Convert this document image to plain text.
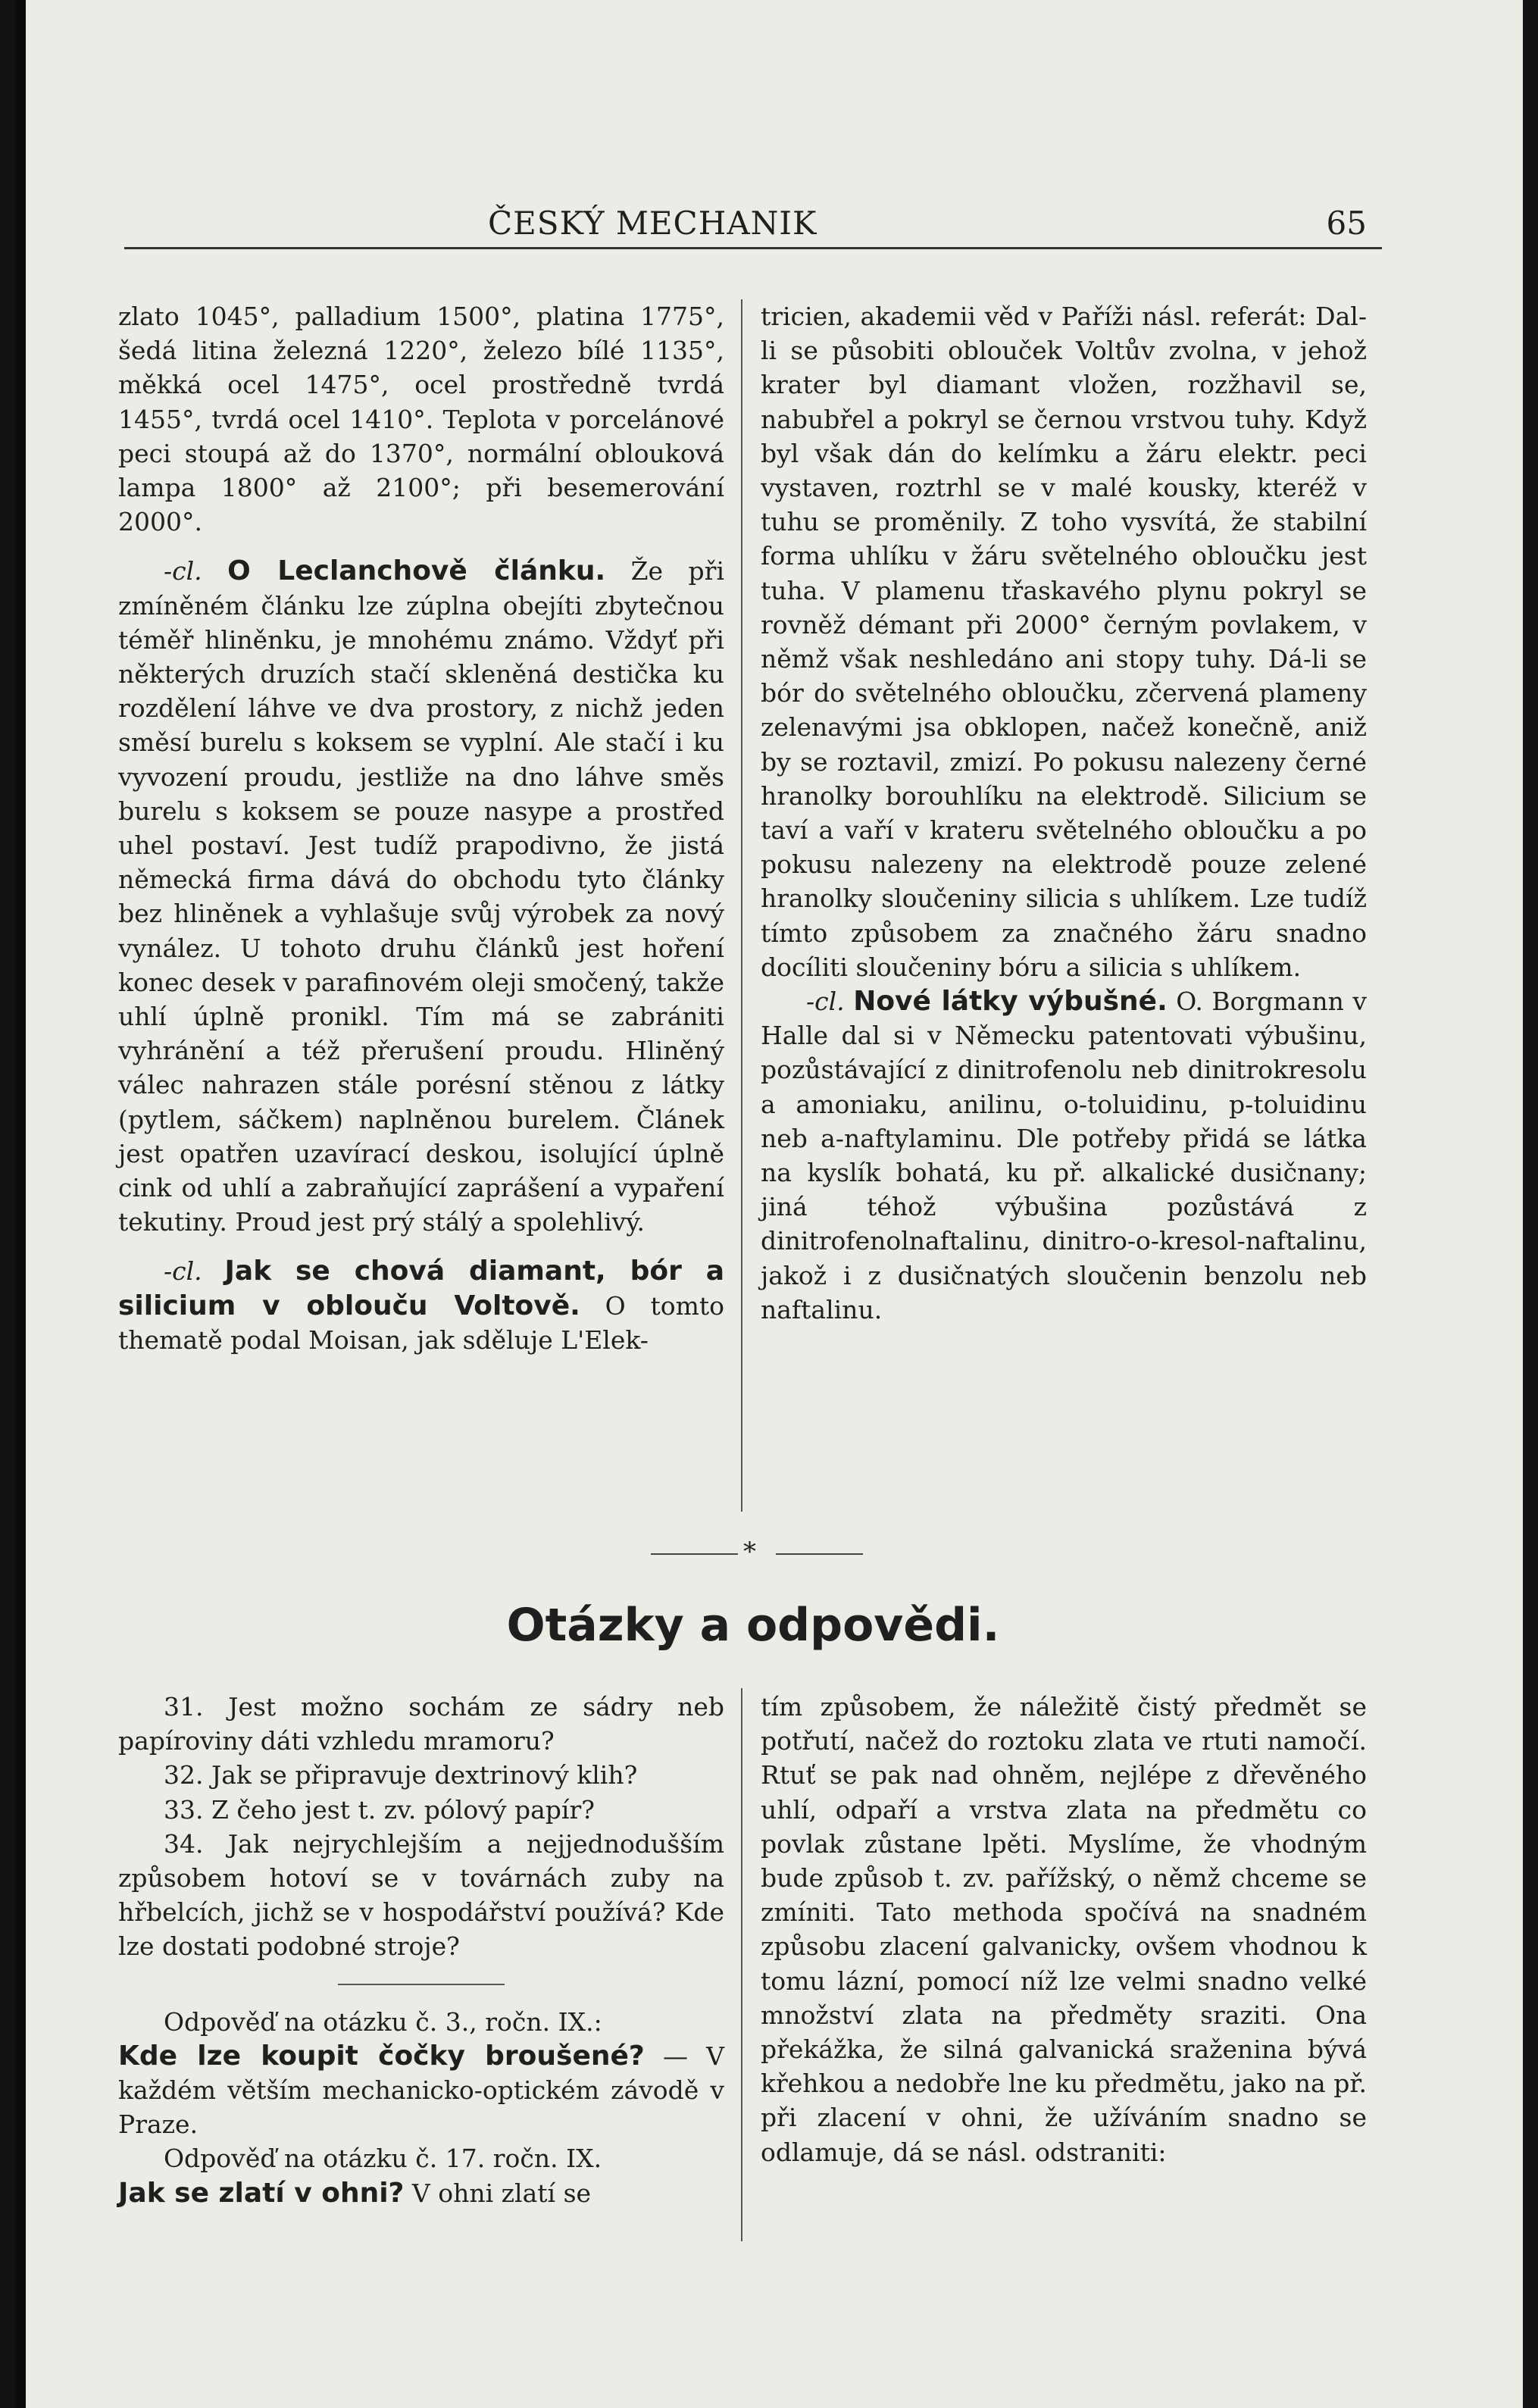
ČESKÝ MECHANIK	65

zlato 1045°, palladium 1500°, platina 1775°, šedá litina železná 1220°, železo bílé 1135°, měkká ocel 1475°, ocel prostředně tvrdá 1455°, tvrdá ocel 1410°. Teplota v porcelánové peci stoupá až do 1370°, normální oblouková lampa 1800° až 2100°; při besemerování 2000°.

-cl. O Leclanchově článku. Že při zmíněném článku lze zúplna obejíti zbytečnou téměř hliněnku, je mnohému známo. Vždyť při některých druzích stačí skleněná destička ku rozdělení láhve ve dva prostory, z nichž jeden směsí burelu s koksem se vyplní. Ale stačí i ku vyvození proudu, jestliže na dno láhve směs burelu s koksem se pouze nasype a prostřed uhel postaví. Jest tudíž prapodivno, že jistá německá firma dává do obchodu tyto články bez hliněnek a vyhlašuje svůj výrobek za nový vynález. U tohoto druhu článků jest hoření konec desek v parafinovém oleji smočený, takže uhlí úplně pronikl. Tím má se zabrániti vyhránění a též přerušení proudu. Hliněný válec nahrazen stále porésní stěnou z látky (pytlem, sáčkem) naplněnou burelem. Článek jest opatřen uzavírací deskou, isolující úplně cink od uhlí a zabraňující zaprášení a vypaření tekutiny. Proud jest prý stálý a spolehlivý.

-cl. Jak se chová diamant, bór a silicium v oblouču Voltově. O tomto thematě podal Moisan, jak sděluje L'Elek-

tricien, akademii věd v Paříži násl. referát: Dal-li se působiti oblouček Voltův zvolna, v jehož krater byl diamant vložen, rozžhavil se, nabubřel a pokryl se černou vrstvou tuhy. Když byl však dán do kelímku a žáru elektr. peci vystaven, roztrhl se v malé kousky, kteréž v tuhu se proměnily. Z toho vysvítá, že stabilní forma uhlíku v žáru světelného obloučku jest tuha. V plamenu třaskavého plynu pokryl se rovněž démant při 2000° černým povlakem, v němž však neshledáno ani stopy tuhy. Dá-li se bór do světelného obloučku, zčervená plameny zelenavými jsa obklopen, načež konečně, aniž by se roztavil, zmizí. Po pokusu nalezeny černé hranolky borouhlíku na elektrodě. Silicium se taví a vaří v krateru světelného obloučku a po pokusu nalezeny na elektrodě pouze zelené hranolky sloučeniny silicia s uhlíkem. Lze tudíž tímto způsobem za značného žáru snadno docíliti sloučeniny bóru a silicia s uhlíkem.

-cl. Nové látky výbušné. O. Borgmann v Halle dal si v Německu patentovati výbušinu, pozůstávající z dinitrofenolu neb dinitrokresolu a amoniaku, anilinu, o-toluidinu, p-toluidinu neb a-naftylaminu. Dle potřeby přidá se látka na kyslík bohatá, ku př. alkalické dusičnany; jiná téhož výbušina pozůstává z dinitrofenolnaftalinu, dinitro-o-kresol-naftalinu, jakož i z dusičnatých sloučenin benzolu neb naftalinu.

*
Otázky a odpovědi.

31. Jest možno sochám ze sádry neb papíroviny dáti vzhledu mramoru?

32. Jak se připravuje dextrinový klih?

33. Z čeho jest t. zv. pólový papír?

34. Jak nejrychlejším a nejjednodušším způsobem hotoví se v továrnách zuby na hřbelcích, jichž se v hospodářství používá? Kde lze dostati podobné stroje?

Odpověď na otázku č. 3., ročn. IX.:

Kde lze koupit čočky broušené? — V každém větším mechanicko-optickém závodě v Praze.

Odpověď na otázku č. 17. ročn. IX.

Jak se zlatí v ohni? V ohni zlatí se

tím způsobem, že náležitě čistý předmět se potřutí, načež do roztoku zlata ve rtuti namočí. Rtuť se pak nad ohněm, nejlépe z dřevěného uhlí, odpaří a vrstva zlata na předmětu co povlak zůstane lpěti. Myslíme, že vhodným bude způsob t. zv. pařížský, o němž chceme se zmíniti. Tato methoda spočívá na snadném způsobu zlacení galvanicky, ovšem vhodnou k tomu lázní, pomocí níž lze velmi snadno velké množství zlata na předměty sraziti. Ona překážka, že silná galvanická sraženina bývá křehkou a nedobře lne ku předmětu, jako na př. při zlacení v ohni, že užíváním snadno se odlamuje, dá se násl. odstraniti:
